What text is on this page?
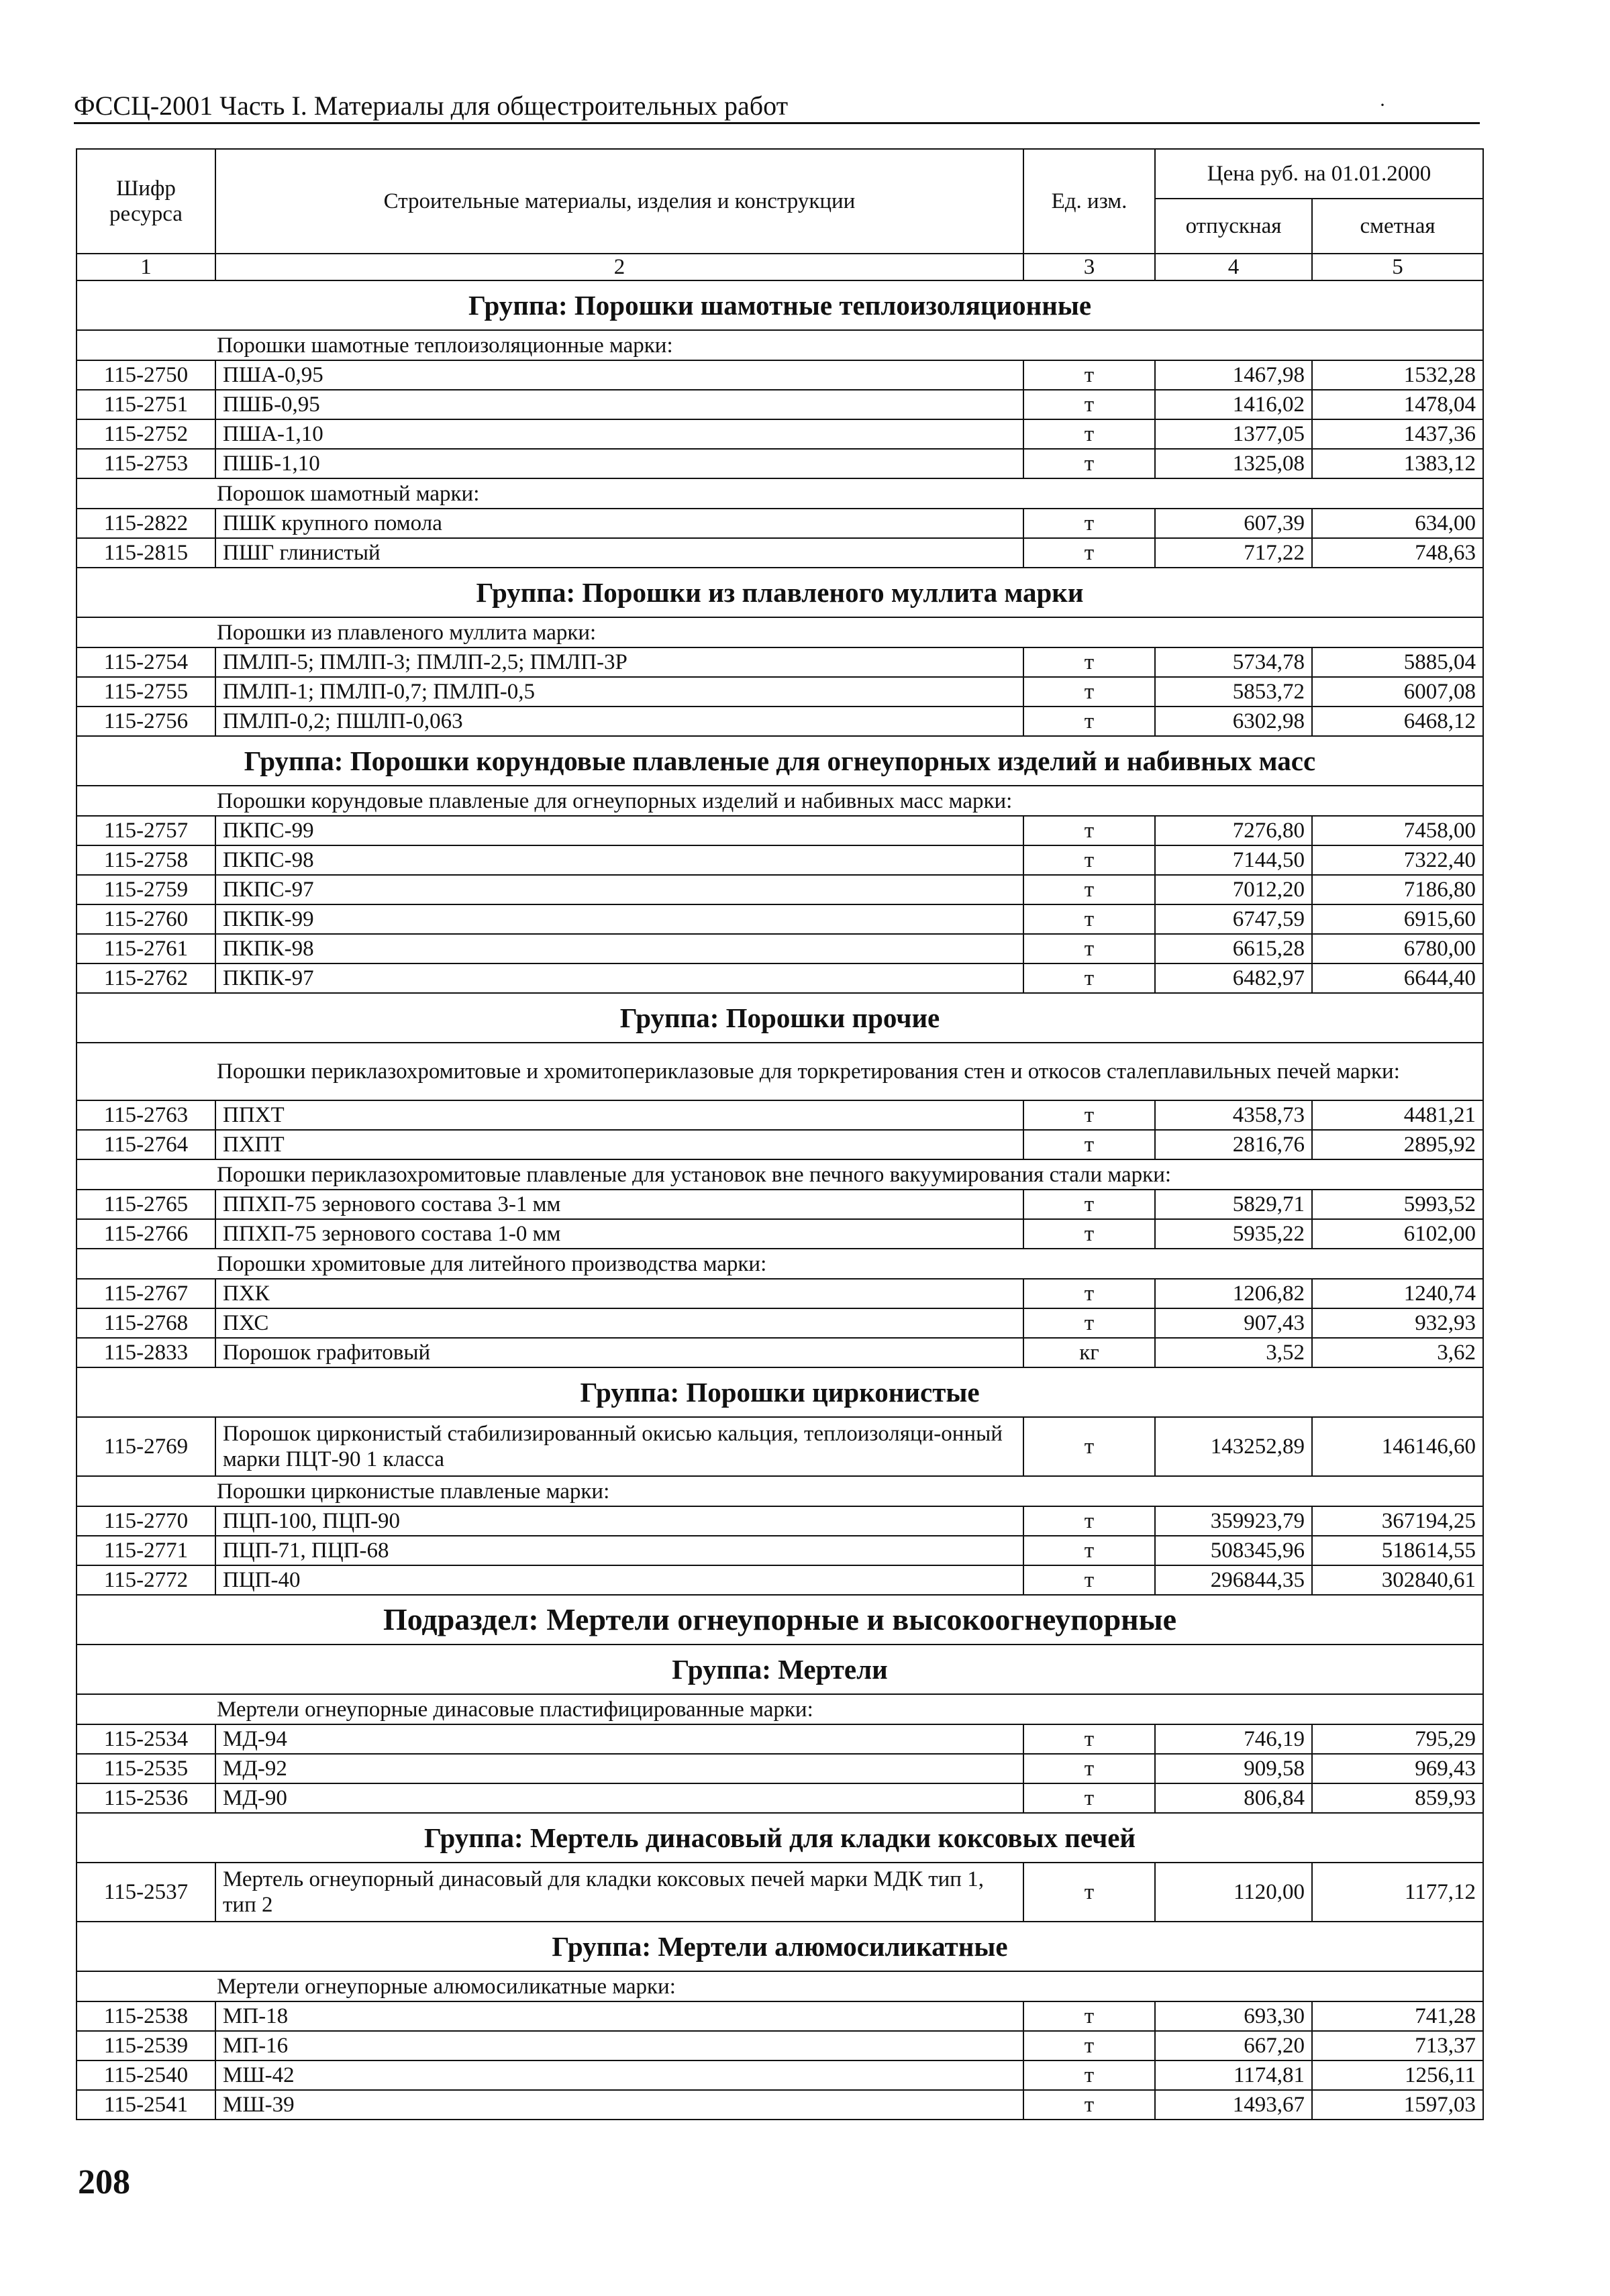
ФССЦ-2001 Часть I. Материалы для общестроительных работ	·
Шифр ресурса	Строительные материалы, изделия и конструкции	Ед. изм.	Цена руб. на 01.01.2000	
			отпускная	сметная
1	2	3	4	5
Группа: Порошки шамотные теплоизоляционные				

Порошки шамотные теплоизоляционные марки:				

115-2750	ПША-0,95	т	1467,98	1532,28
115-2751	ПШБ-0,95	т	1416,02	1478,04
115-2752	ПША-1,10	т	1377,05	1437,36
115-2753	ПШБ-1,10	т	1325,08	1383,12

Порошок шамотный марки:				

115-2822	ПШК крупного помола	т	607,39	634,00
115-2815	ПШГ глинистый	т	717,22	748,63
Группа: Порошки из плавленого муллита марки				

Порошки из плавленого муллита марки:				

115-2754	ПМЛП-5; ПМЛП-3; ПМЛП-2,5; ПМЛП-3Р	т	5734,78	5885,04
115-2755	ПМЛП-1; ПМЛП-0,7; ПМЛП-0,5	т	5853,72	6007,08
115-2756	ПМЛП-0,2; ПШЛП-0,063	т	6302,98	6468,12
Группа: Порошки корундовые плавленые для огнеупорных изделий и набивных масс				

Порошки корундовые плавленые для огнеупорных изделий и набивных масс марки:				

115-2757	ПКПС-99	т	7276,80	7458,00
115-2758	ПКПС-98	т	7144,50	7322,40
115-2759	ПКПС-97	т	7012,20	7186,80
115-2760	ПКПК-99	т	6747,59	6915,60
115-2761	ПКПК-98	т	6615,28	6780,00
115-2762	ПКПК-97	т	6482,97	6644,40
Группа: Порошки прочие				

Порошки периклазохромитовые и хромитопериклазовые для торкретирования стен и откосов сталеплавильных печей марки:				

115-2763	ППХТ	т	4358,73	4481,21
115-2764	ПХПТ	т	2816,76	2895,92

Порошки периклазохромитовые плавленые для установок вне печного вакуумирования стали марки:				

115-2765	ППХП-75 зернового состава 3-1 мм	т	5829,71	5993,52
115-2766	ППХП-75 зернового состава 1-0 мм	т	5935,22	6102,00

Порошки хромитовые для литейного производства марки:				

115-2767	ПХК	т	1206,82	1240,74
115-2768	ПХС	т	907,43	932,93
115-2833	Порошок графитовый	кг	3,52	3,62
Группа: Порошки цирконистые				
115-2769	Порошок цирконистый стабилизированный окисью кальция, теплоизоляци-онный марки ПЦТ-90 1 класса	т	143252,89	146146,60

Порошки цирконистые плавленые марки:				

115-2770	ПЦП-100, ПЦП-90	т	359923,79	367194,25
115-2771	ПЦП-71, ПЦП-68	т	508345,96	518614,55
115-2772	ПЦП-40	т	296844,35	302840,61
Подраздел: Мертели огнеупорные и высокоогнеупорные				
Группа: Мертели				

Мертели огнеупорные динасовые пластифицированные марки:				

115-2534	МД-94	т	746,19	795,29
115-2535	МД-92	т	909,58	969,43
115-2536	МД-90	т	806,84	859,93
Группа: Мертель динасовый для кладки коксовых печей				
115-2537	Мертель огнеупорный динасовый для кладки коксовых печей марки МДК тип 1, тип 2	т	1120,00	1177,12
Группа: Мертели алюмосиликатные				

Мертели огнеупорные алюмосиликатные марки:				

115-2538	МП-18	т	693,30	741,28
115-2539	МП-16	т	667,20	713,37
115-2540	МШ-42	т	1174,81	1256,11
115-2541	МШ-39	т	1493,67	1597,03
208
